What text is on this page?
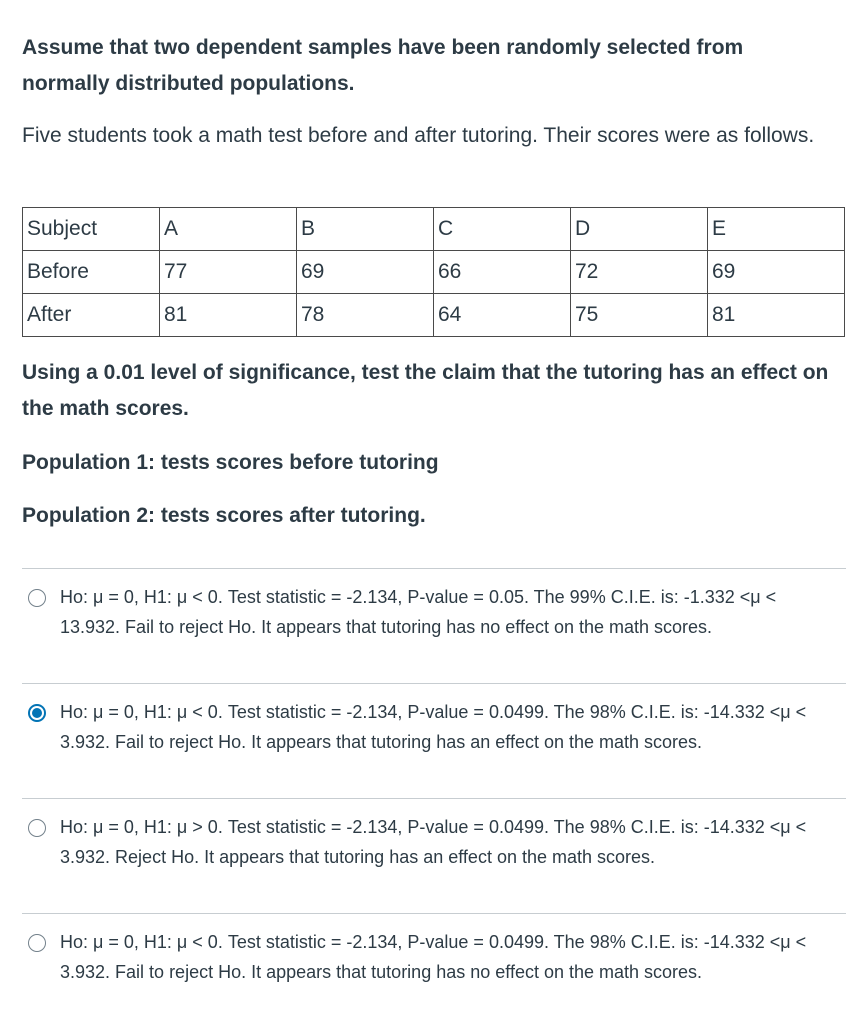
Assume that two dependent samples have been randomly selected from normally distributed populations.

Five students took a math test before and after tutoring. Their scores were as follows.

Subject	A	B	C	D	E
Before	77	69	66	72	69
After	81	78	64	75	81

Using a 0.01 level of significance, test the claim that the tutoring has an effect on the math scores.

Population 1: tests scores before tutoring

Population 2: tests scores after tutoring.

Ho: μ = 0, H1: μ < 0. Test statistic = -2.134, P-value = 0.05. The 99% C.I.E. is: -1.332 <μ < 13.932. Fail to reject Ho. It appears that tutoring has no effect on the math scores.
Ho: μ = 0, H1: μ < 0. Test statistic = -2.134, P-value = 0.0499. The 98% C.I.E. is: -14.332 <μ < 3.932. Fail to reject Ho. It appears that tutoring has an effect on the math scores.
Ho: μ = 0, H1: μ > 0. Test statistic = -2.134, P-value = 0.0499. The 98% C.I.E. is: -14.332 <μ < 3.932. Reject Ho. It appears that tutoring has an effect on the math scores.
Ho: μ = 0, H1: μ < 0. Test statistic = -2.134, P-value = 0.0499. The 98% C.I.E. is: -14.332 <μ < 3.932. Fail to reject Ho. It appears that tutoring has no effect on the math scores.
